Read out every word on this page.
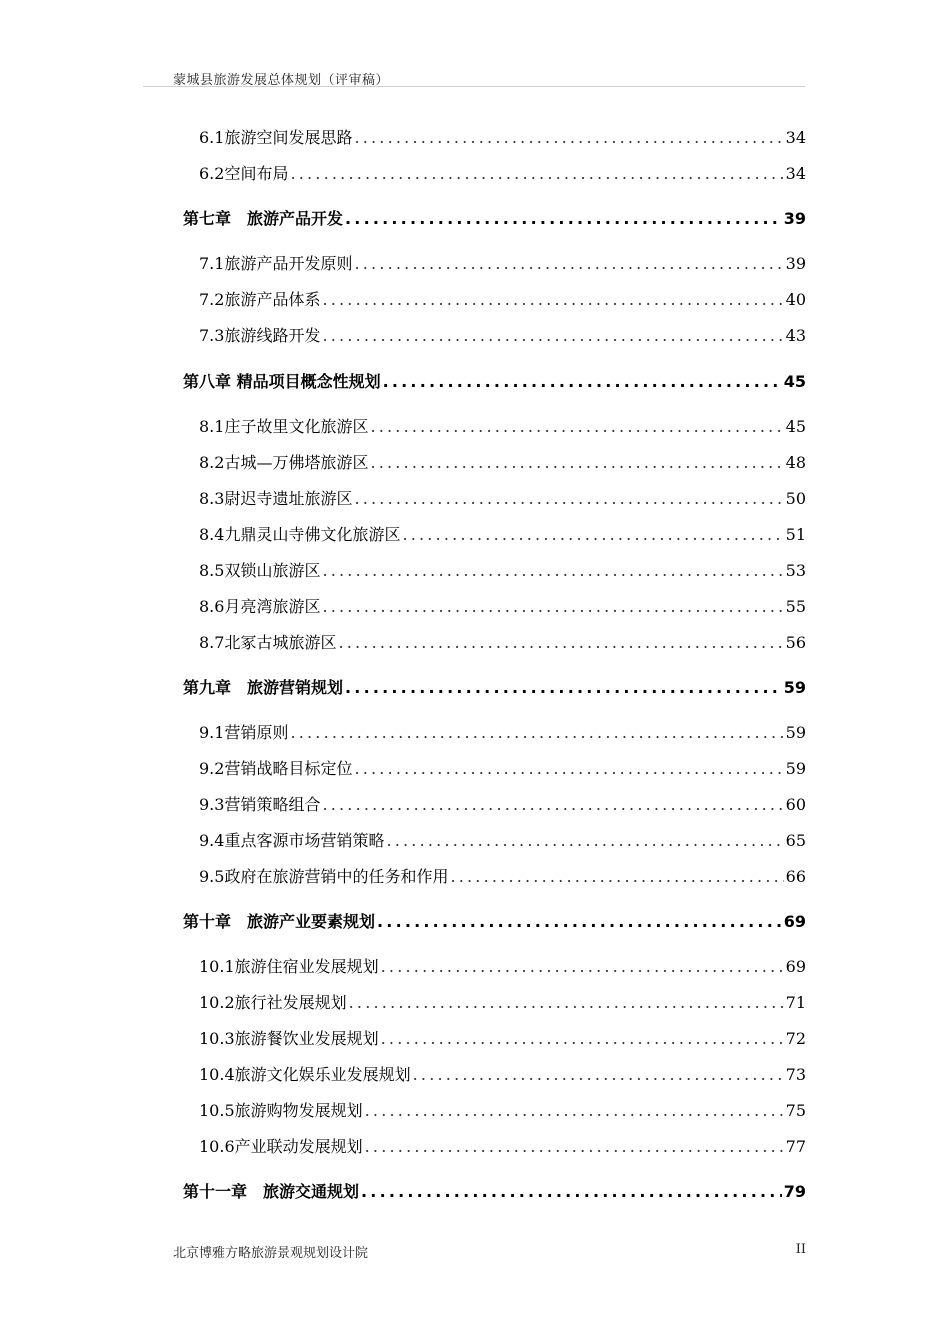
蒙城县旅游发展总体规划（评审稿）
6.1旅游空间发展思路 .....	34
6.2空间布局 .....	34
第七章　旅游产品开发 .....	39
7.1旅游产品开发原则 .....	39
7.2旅游产品体系 .....	40
7.3旅游线路开发 .....	43
第八章 精品项目概念性规划 .....	45
8.1庄子故里文化旅游区 .....	45
8.2古城—万佛塔旅游区 .....	48
8.3尉迟寺遗址旅游区 .....	50
8.4九鼎灵山寺佛文化旅游区 .....	51
8.5双锁山旅游区 .....	53
8.6月亮湾旅游区 .....	55
8.7北冢古城旅游区 .....	56
第九章　旅游营销规划 .....	59
9.1营销原则 .....	59
9.2营销战略目标定位 .....	59
9.3营销策略组合 .....	60
9.4重点客源市场营销策略 .....	65
9.5政府在旅游营销中的任务和作用 .....	66
第十章　旅游产业要素规划 .....	69
10.1旅游住宿业发展规划 .....	69
10.2旅行社发展规划 .....	71
10.3旅游餐饮业发展规划 .....	72
10.4旅游文化娱乐业发展规划 .....	73
10.5旅游购物发展规划 .....	75
10.6产业联动发展规划 .....	77
第十一章　旅游交通规划 .....	79
北京博雅方略旅游景观规划设计院	II
